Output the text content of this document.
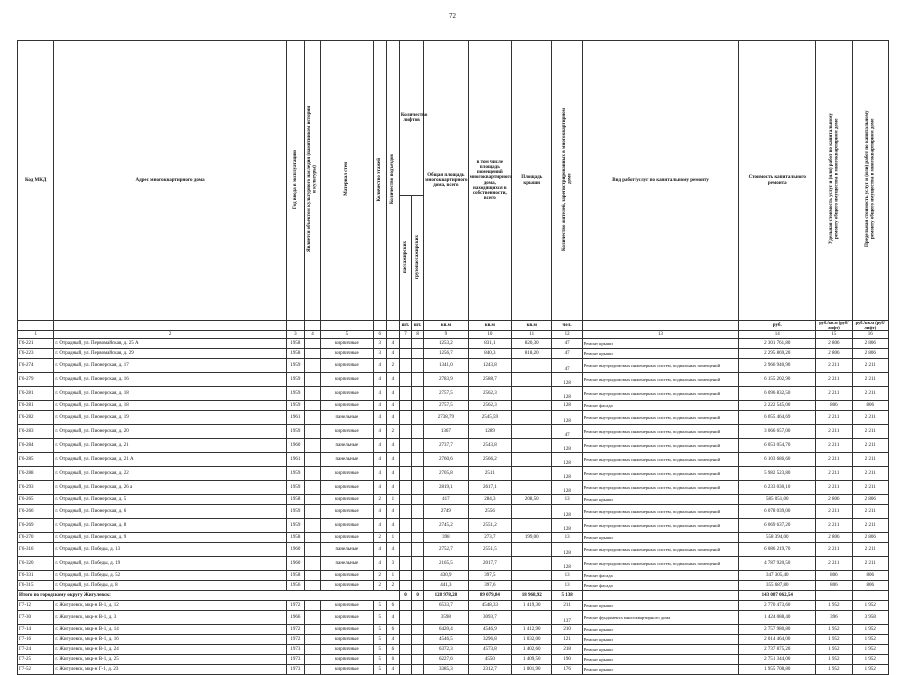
72
Код МКД	Адрес многоквартирного дома	Год ввода в эксплуатацию	Является объектом культурного наследия (памятником истории и культуры)	Материал стен	Количество этажей	Количество подъездов	Количество лифтов		Общая площадь многоквартирного дома, всего	в том числе площадь помещений многоквартирного дома, находящихся в собственности, всего	Площадь крыши	Количество жителей, зарегистрированных в многоквартирном доме	Вид работ/услуг по капитальному ремонту	Стоимость капитального ремонта	Удельная стоимость услуг и (или) работ по капитальному ремонту общего имущества в многоквартирном доме	Предельная стоимость услуг и (или) работ по капитальному ремонту общего имущества в многоквартирном доме
							пассажирских	грузопассажирских								
							шт.	шт.	кв.м	кв.м	кв.м	чел.		руб.	руб./кв.м (руб/лифт)	руб./кв.м (руб/лифт)
1	2	3	4	5	6		7	8	9	10	11	12	13	14	15	16
Г6-221	г. Отрадный, ул. Первомайская, д. 25 А	1958		кирпичные	3	4			1253,2	831,1	820,30	47	Ремонт крыши	2 301 761,80	2 806	2 806
Г6-223	г. Отрадный, ул. Первомайская, д. 29	1958		кирпичные	3	4			1256,7	840,3	818,20	47	Ремонт крыши	2 295 869,20	2 806	2 806
Г6-274	г. Отрадный, ул. Пионерская, д. 17	1959		кирпичные	4	2			1341,0	1243,8		47	Ремонт внутридомовых инженерных систем, подвальных помещений	2 966 940,90	2 211	2 211
Г6-279	г. Отрадный, ул. Пионерская, д. 16	1959		кирпичные	4	4			2783,9	2588,7		128	Ремонт внутридомовых инженерных систем, подвальных помещений	6 155 202,90	2 211	2 211
Г6-281	г. Отрадный, ул. Пионерская, д. 18	1959		кирпичные	4	4			2757,5	2562,3		128	Ремонт внутридомовых инженерных систем, подвальных помещений	6 096 832,50	2 211	2 211
Г6-281	г. Отрадный, ул. Пионерская, д. 18	1959		кирпичные	4	4			2757,5	2562,3		128	Ремонт фасада	2 222 545,00	806	806
Г6-282	г. Отрадный, ул. Пионерская, д. 19	1961		панельные	4	4			2738,79	2545,59		128	Ремонт внутридомовых инженерных систем, подвальных помещений	6 055 464,69	2 211	2 211
Г6-283	г. Отрадный, ул. Пионерская, д. 20	1959		кирпичные	4	2			1367	1289		47	Ремонт внутридомовых инженерных систем, подвальных помещений	3 066 657,00	2 211	2 211
Г6-284	г. Отрадный, ул. Пионерская, д. 21	1960		панельные	4	4			2737,7	2543,8		128	Ремонт внутридомовых инженерных систем, подвальных помещений	6 053 054,70	2 211	2 211
Г6-285	г. Отрадный, ул. Пионерская, д. 21 А	1961		панельные	4	4			2760,6	2566,2		128	Ремонт внутридомовых инженерных систем, подвальных помещений	6 103 686,60	2 211	2 211
Г6-288	г. Отрадный, ул. Пионерская, д. 22	1959		кирпичные	4	4			2705,8	2511		128	Ремонт внутридомовых инженерных систем, подвальных помещений	5 982 523,80	2 211	2 211
Г6-293	г. Отрадный, ул. Пионерская, д. 26 а	1959		кирпичные	4	4			2819,1	2617,1		128	Ремонт внутридомовых инженерных систем, подвальных помещений	6 233 030,10	2 211	2 211
Г6-265	г. Отрадный, ул. Пионерская, д. 5	1958		кирпичные	2	1			417	284,3	208,50	13	Ремонт крыши	585 051,00	2 806	2 806
Г6-266	г. Отрадный, ул. Пионерская, д. 6	1959		кирпичные	4	4			2749	2556		128	Ремонт внутридомовых инженерных систем, подвальных помещений	6 078 039,00	2 211	2 211
Г6-269	г. Отрадный, ул. Пионерская, д. 8	1959		кирпичные	4	4			2745,2	2551,2		128	Ремонт внутридомовых инженерных систем, подвальных помещений	6 069 637,20	2 211	2 211
Г6-270	г. Отрадный, ул. Пионерская, д. 9	1958		кирпичные	2	1			398	273,7	199,00	13	Ремонт крыши	558 394,00	2 806	2 806
Г6-316	г. Отрадный, ул. Победы, д. 13	1960		панельные	4	4			2752,7	2551,5		128	Ремонт внутридомовых инженерных систем, подвальных помещений	6 086 219,70	2 211	2 211
Г6-320	г. Отрадный, ул. Победы, д. 19	1960		панельные	4	3			2165,5	2017,7		128	Ремонт внутридомовых инженерных систем, подвальных помещений	4 787 920,50	2 211	2 211
Г6-331	г. Отрадный, ул. Победы, д. 52	1958		кирпичные	2	1			430,9	397,5		13	Ремонт фасада	347 305,40	806	806
Г6-315	г. Отрадный, ул. Победы, д. 8	1956		кирпичные	2	2			441,3	397,6		13	Ремонт фасада	355 687,80	806	806
Итого по городскому округу Жигулевск:							0	0	128 978,28	89 079,84	18 968,92	5 138		143 087 062,54		
Г7-12	г. Жигулевск, мкр-н В-1, д. 12	1972		кирпичные	5	6			6533,7	4548,33	1 419,30	211	Ремонт крыши	2 770 473,60	1 952	1 952
Г7-30	г. Жигулевск, мкр-н В-1, д. 3	1966		кирпичные	5	4			3598	3093,7		137	Ремонт фундамента многоквартирного дома	1 424 088,40	396	3 958
Г7-14	г. Жигулевск, мкр-н В-1, д. 14	1972		кирпичные	5	6			6420,4	4546,9	1 412,90	210	Ремонт крыши	2 757 980,80	1 952	1 952
Г7-16	г. Жигулевск, мкр-н В-1, д. 16	1972		кирпичные	5	4			4546,5	3296,8	1 032,00	121	Ремонт крыши	2 014 464,00	1 952	1 952
Г7-24	г. Жигулевск, мкр-н В-1, д. 24	1973		кирпичные	5	6			6372,3	4573,8	1 402,60	218	Ремонт крыши	2 737 875,20	1 952	1 952
Г7-25	г. Жигулевск, мкр-н В-1, д. 25	1973		кирпичные	5	6			6227,6	4550	1 409,50	190	Ремонт крыши	2 751 344,00	1 952	1 952
Г7-52	г. Жигулевск, мкр-н Г-1, д. 23	1973		кирпичные	5	4			3385,3	2312,7	1 001,90	176	Ремонт крыши	1 955 708,80	1 952	1 952
